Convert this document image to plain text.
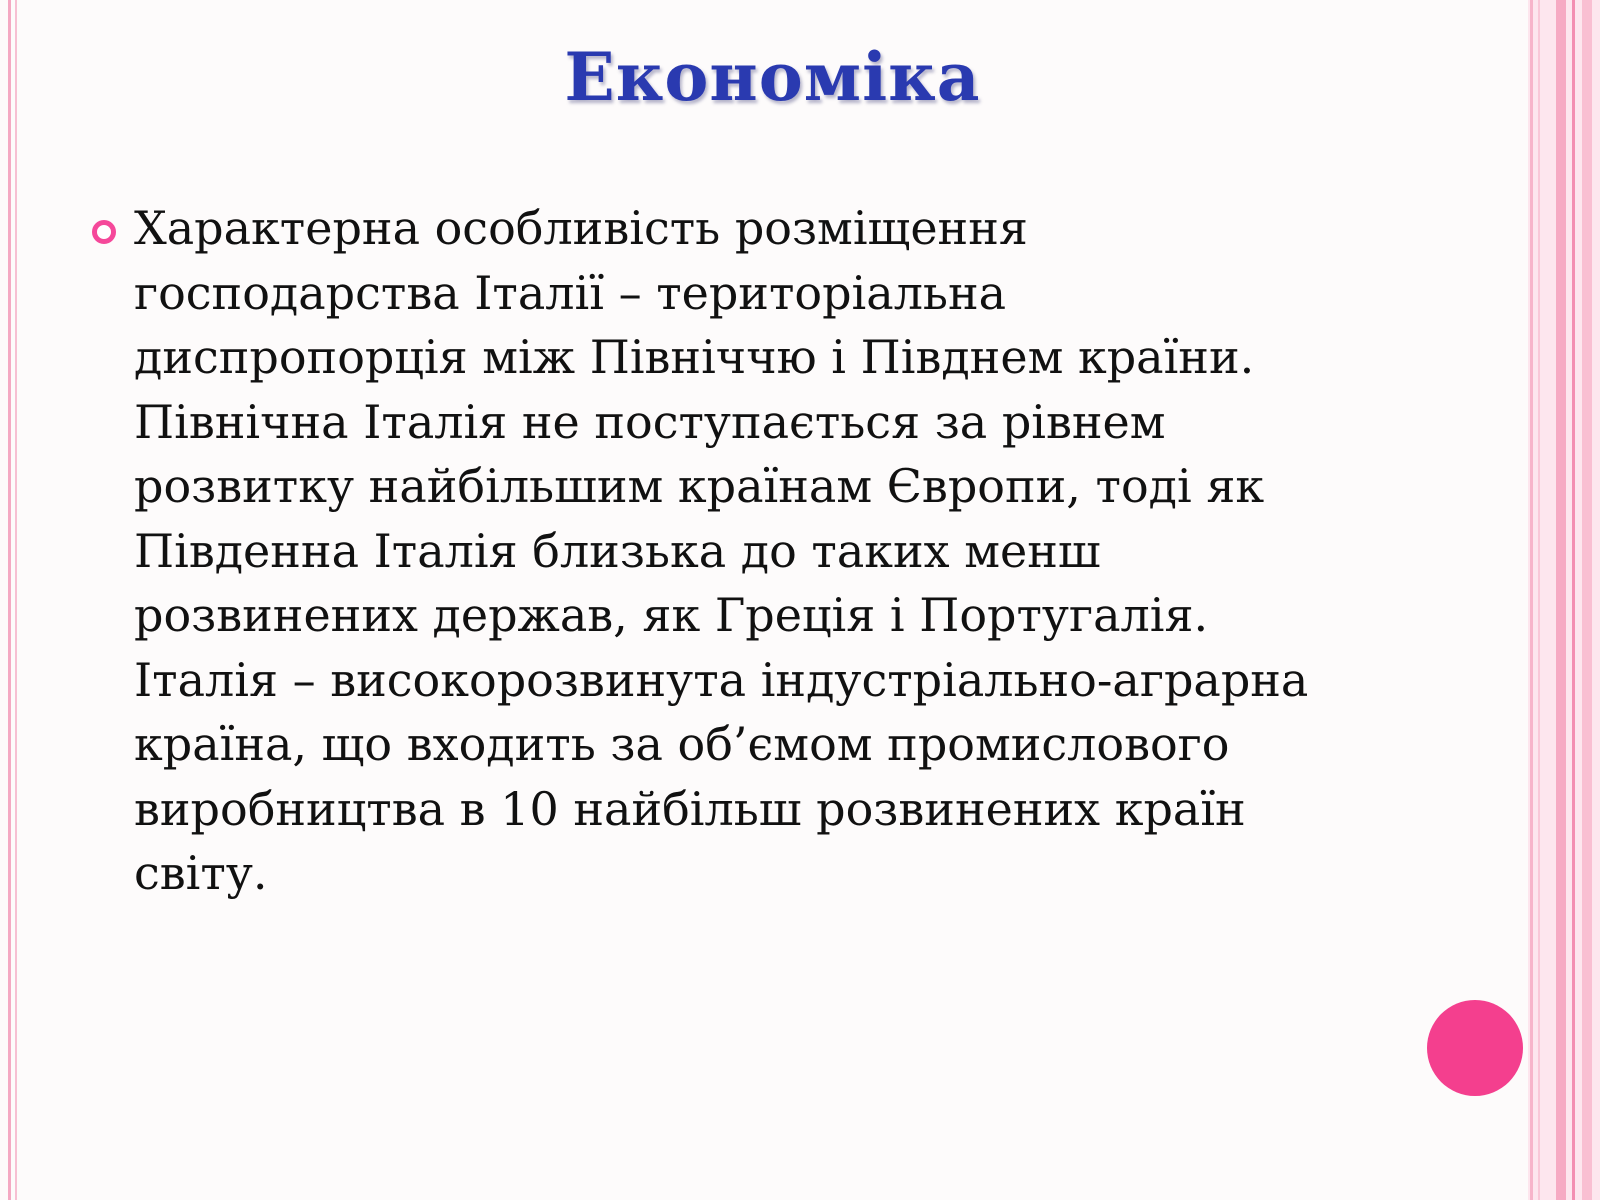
Економіка

Характерна особливість розміщення господарства Італії – територіальна диспропорція між Північчю і Півднем країни. Північна Італія не поступається за рівнем розвитку найбільшим країнам Європи, тоді як Південна Італія близька до таких менш розвинених держав, як Греція і Португалія. Італія – високорозвинута індустріально-аграрна країна, що входить за об’ємом промислового виробництва в 10 найбільш розвинених країн світу.
